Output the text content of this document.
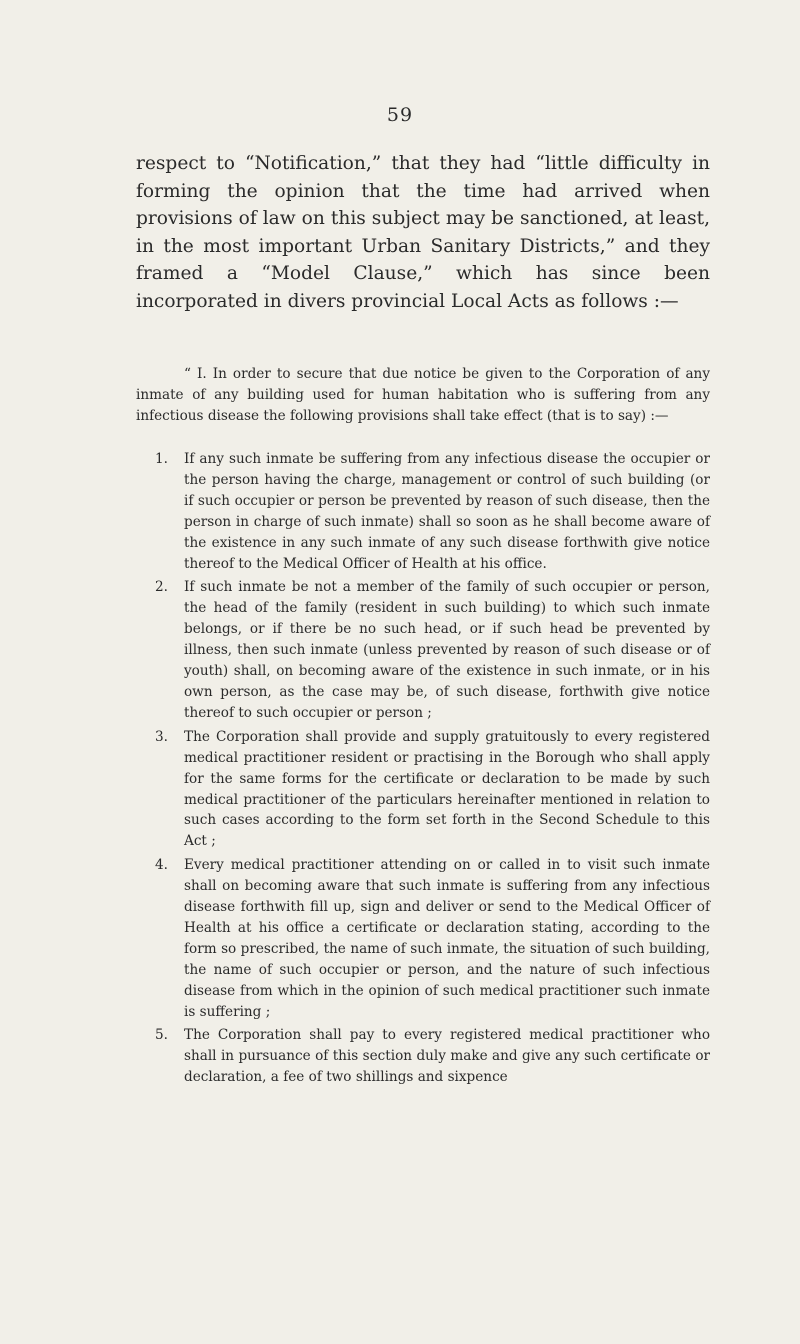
59

respect to “Notification,” that they had “little difficulty in forming the opinion that the time had arrived when provisions of law on this subject may be sanctioned, at least, in the most important Urban Sanitary Districts,” and they framed a “Model Clause,” which has since been incorporated in divers provincial Local Acts as follows :—

“ I. In order to secure that due notice be given to the Corporation of any inmate of any building used for human habitation who is suffering from any infectious disease the following provisions shall take effect (that is to say) :—

1. If any such inmate be suffering from any infectious disease the occupier or the person having the charge, management or control of such building (or if such occupier or person be prevented by reason of such disease, then the person in charge of such inmate) shall so soon as he shall become aware of the existence in any such inmate of any such disease forthwith give notice thereof to the Medical Officer of Health at his office.
2. If such inmate be not a member of the family of such occupier or person, the head of the family (resident in such building) to which such inmate belongs, or if there be no such head, or if such head be prevented by illness, then such inmate (unless prevented by reason of such disease or of youth) shall, on becoming aware of the existence in such inmate, or in his own person, as the case may be, of such disease, forthwith give notice thereof to such occupier or person ;
3. The Corporation shall provide and supply gratuitously to every registered medical practitioner resident or practising in the Borough who shall apply for the same forms for the certificate or declaration to be made by such medical practitioner of the particulars hereinafter mentioned in relation to such cases according to the form set forth in the Second Schedule to this Act ;
4. Every medical practitioner attending on or called in to visit such inmate shall on becoming aware that such inmate is suffering from any infectious disease forthwith fill up, sign and deliver or send to the Medical Officer of Health at his office a certificate or declaration stating, according to the form so prescribed, the name of such inmate, the situation of such building, the name of such occupier or person, and the nature of such infectious disease from which in the opinion of such medical practitioner such inmate is suffering ;
5. The Corporation shall pay to every registered medical practitioner who shall in pursuance of this section duly make and give any such certificate or declaration, a fee of two shillings and sixpence
